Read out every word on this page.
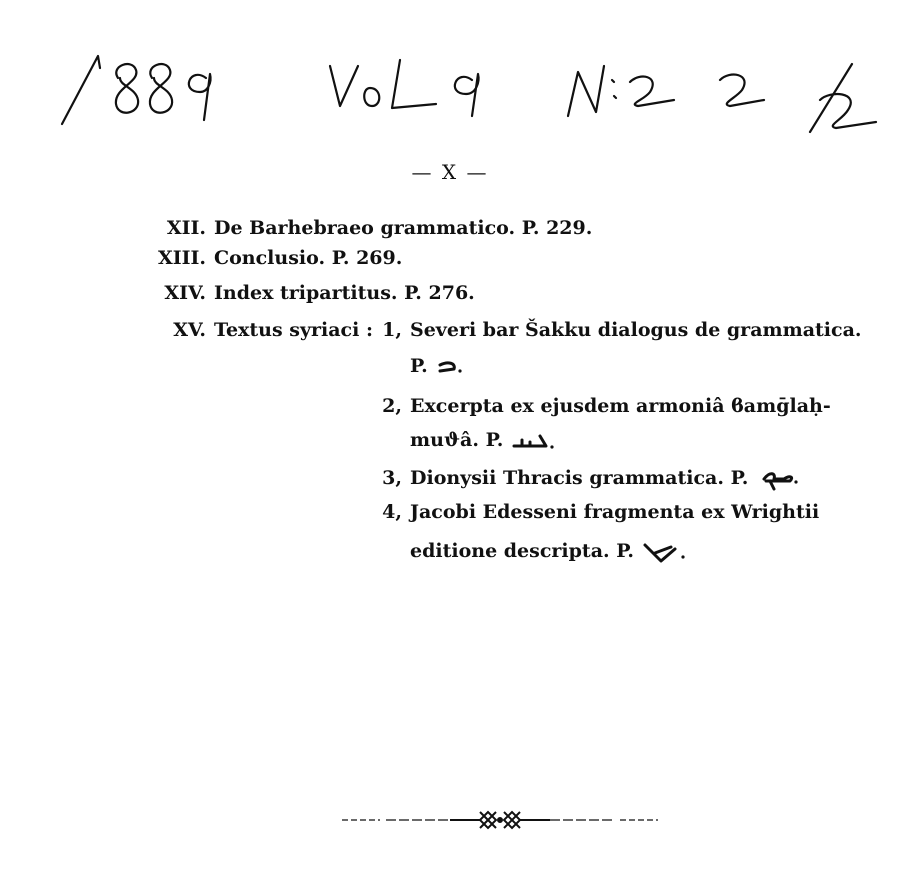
— X —
XII. De Barhebraeo grammatico. P. 229.
XIII. Conclusio. P. 269.
XIV. Index tripartitus. P. 276.
XV. Textus syriaci : 1, Severi bar Šakku dialogus de grammatica.
P.
2, Excerpta ex ejusdem armoniâ ϐamḡlaḥ-
muϑâ. P.
3, Dionysii Thracis grammatica. P.
4, Jacobi Edesseni fragmenta ex Wrightii
editione descripta. P.
